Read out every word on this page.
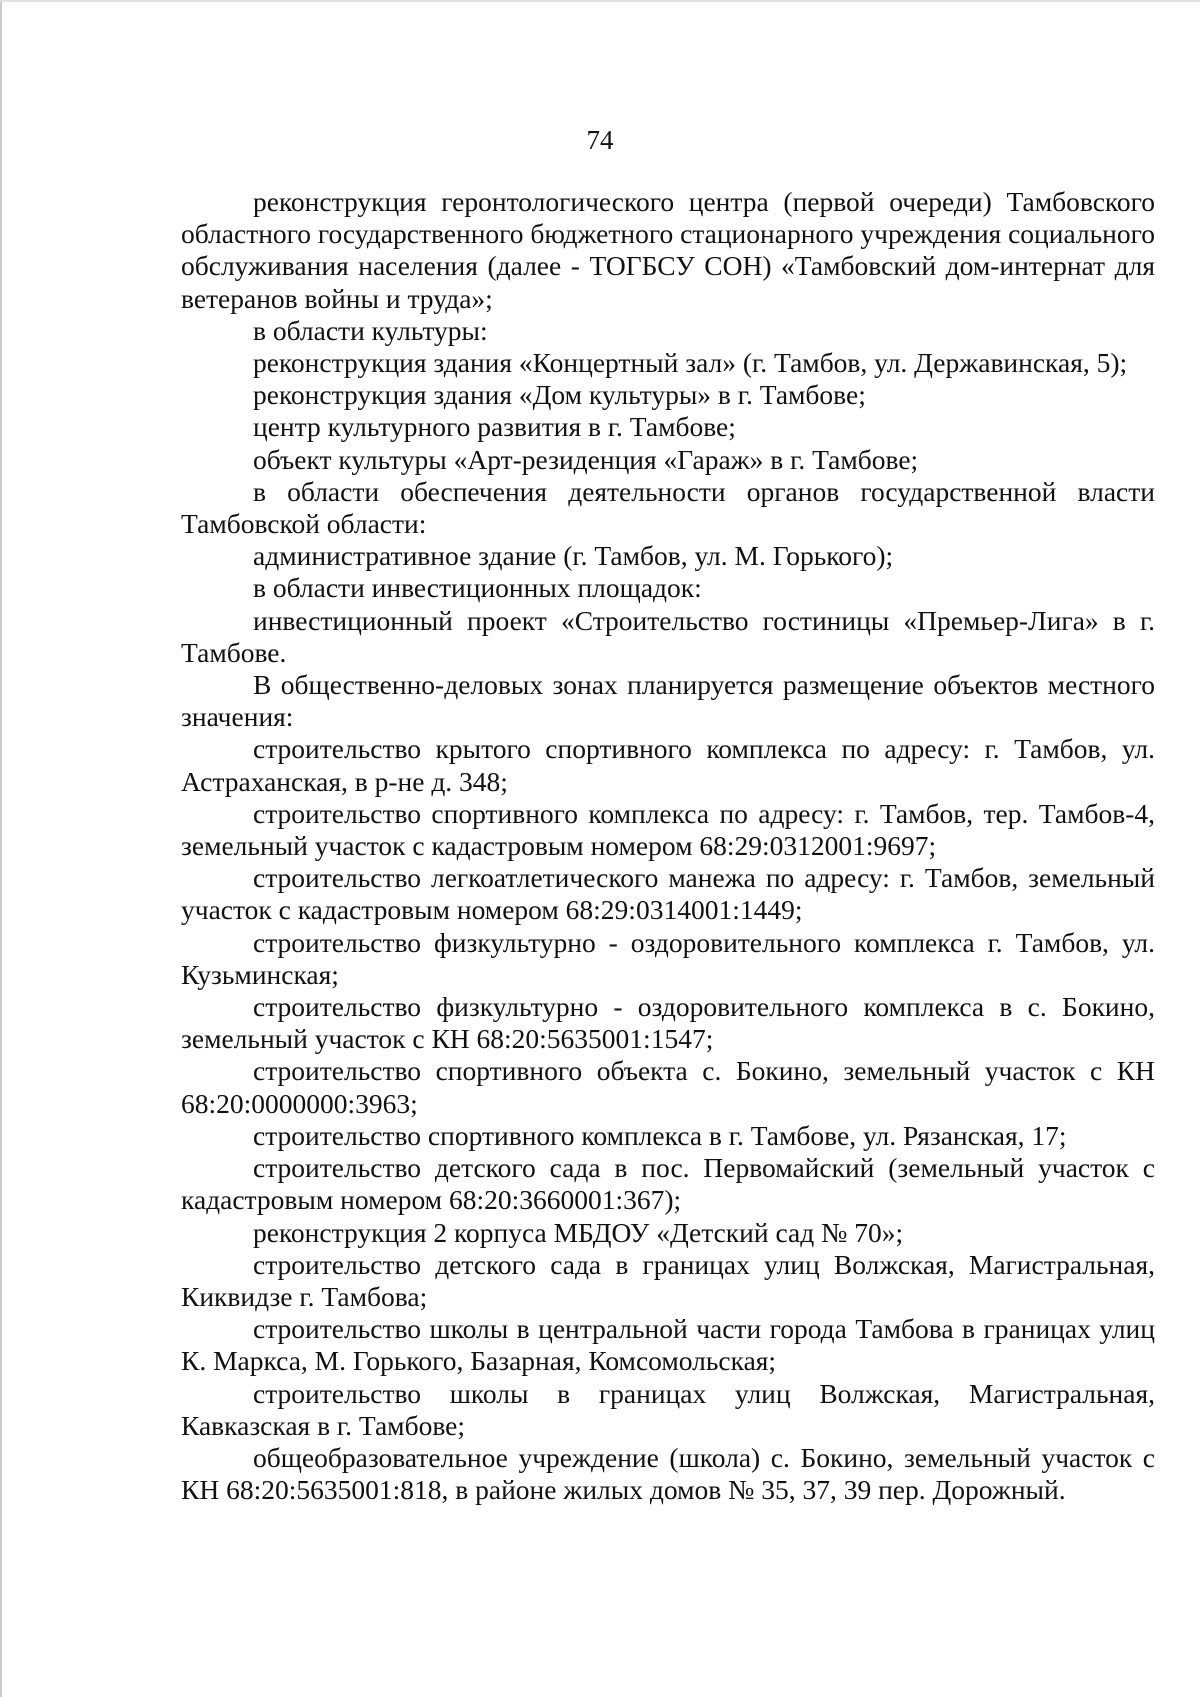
74

реконструкция геронтологического центра (первой очереди) Тамбовского областного государственного бюджетного стационарного учреждения социального обслуживания населения (далее - ТОГБСУ СОН) «Тамбовский дом-интернат для ветеранов войны и труда»;

в области культуры:

реконструкция здания «Концертный зал» (г. Тамбов, ул. Державинская, 5);

реконструкция здания «Дом культуры» в г. Тамбове;

центр культурного развития в г. Тамбове;

объект культуры «Арт-резиденция «Гараж» в г. Тамбове;

в области обеспечения деятельности органов государственной власти Тамбовской области:

административное здание (г. Тамбов, ул. М. Горького);

в области инвестиционных площадок:

инвестиционный проект «Строительство гостиницы «Премьер-Лига» в г. Тамбове.

В общественно-деловых зонах планируется размещение объектов местного значения:

строительство крытого спортивного комплекса по адресу: г. Тамбов, ул. Астраханская, в р-не д. 348;

строительство спортивного комплекса по адресу: г. Тамбов, тер. Тамбов-4, земельный участок с кадастровым номером 68:29:0312001:9697;

строительство легкоатлетического манежа по адресу: г. Тамбов, земельный участок с кадастровым номером 68:29:0314001:1449;

строительство физкультурно - оздоровительного комплекса г. Тамбов, ул. Кузьминская;

строительство физкультурно - оздоровительного комплекса в с. Бокино, земельный участок с КН 68:20:5635001:1547;

строительство спортивного объекта с. Бокино, земельный участок с КН 68:20:0000000:3963;

строительство спортивного комплекса в г. Тамбове, ул. Рязанская, 17;

строительство детского сада в пос. Первомайский (земельный участок с кадастровым номером 68:20:3660001:367);

реконструкция 2 корпуса МБДОУ «Детский сад № 70»;

строительство детского сада в границах улиц Волжская, Магистральная, Киквидзе г. Тамбова;

строительство школы в центральной части города Тамбова в границах улиц К. Маркса, М. Горького, Базарная, Комсомольская;

строительство школы в границах улиц Волжская, Магистральная, Кавказская в г. Тамбове;

общеобразовательное учреждение (школа) с. Бокино, земельный участок с КН 68:20:5635001:818, в районе жилых домов № 35, 37, 39 пер. Дорожный.
